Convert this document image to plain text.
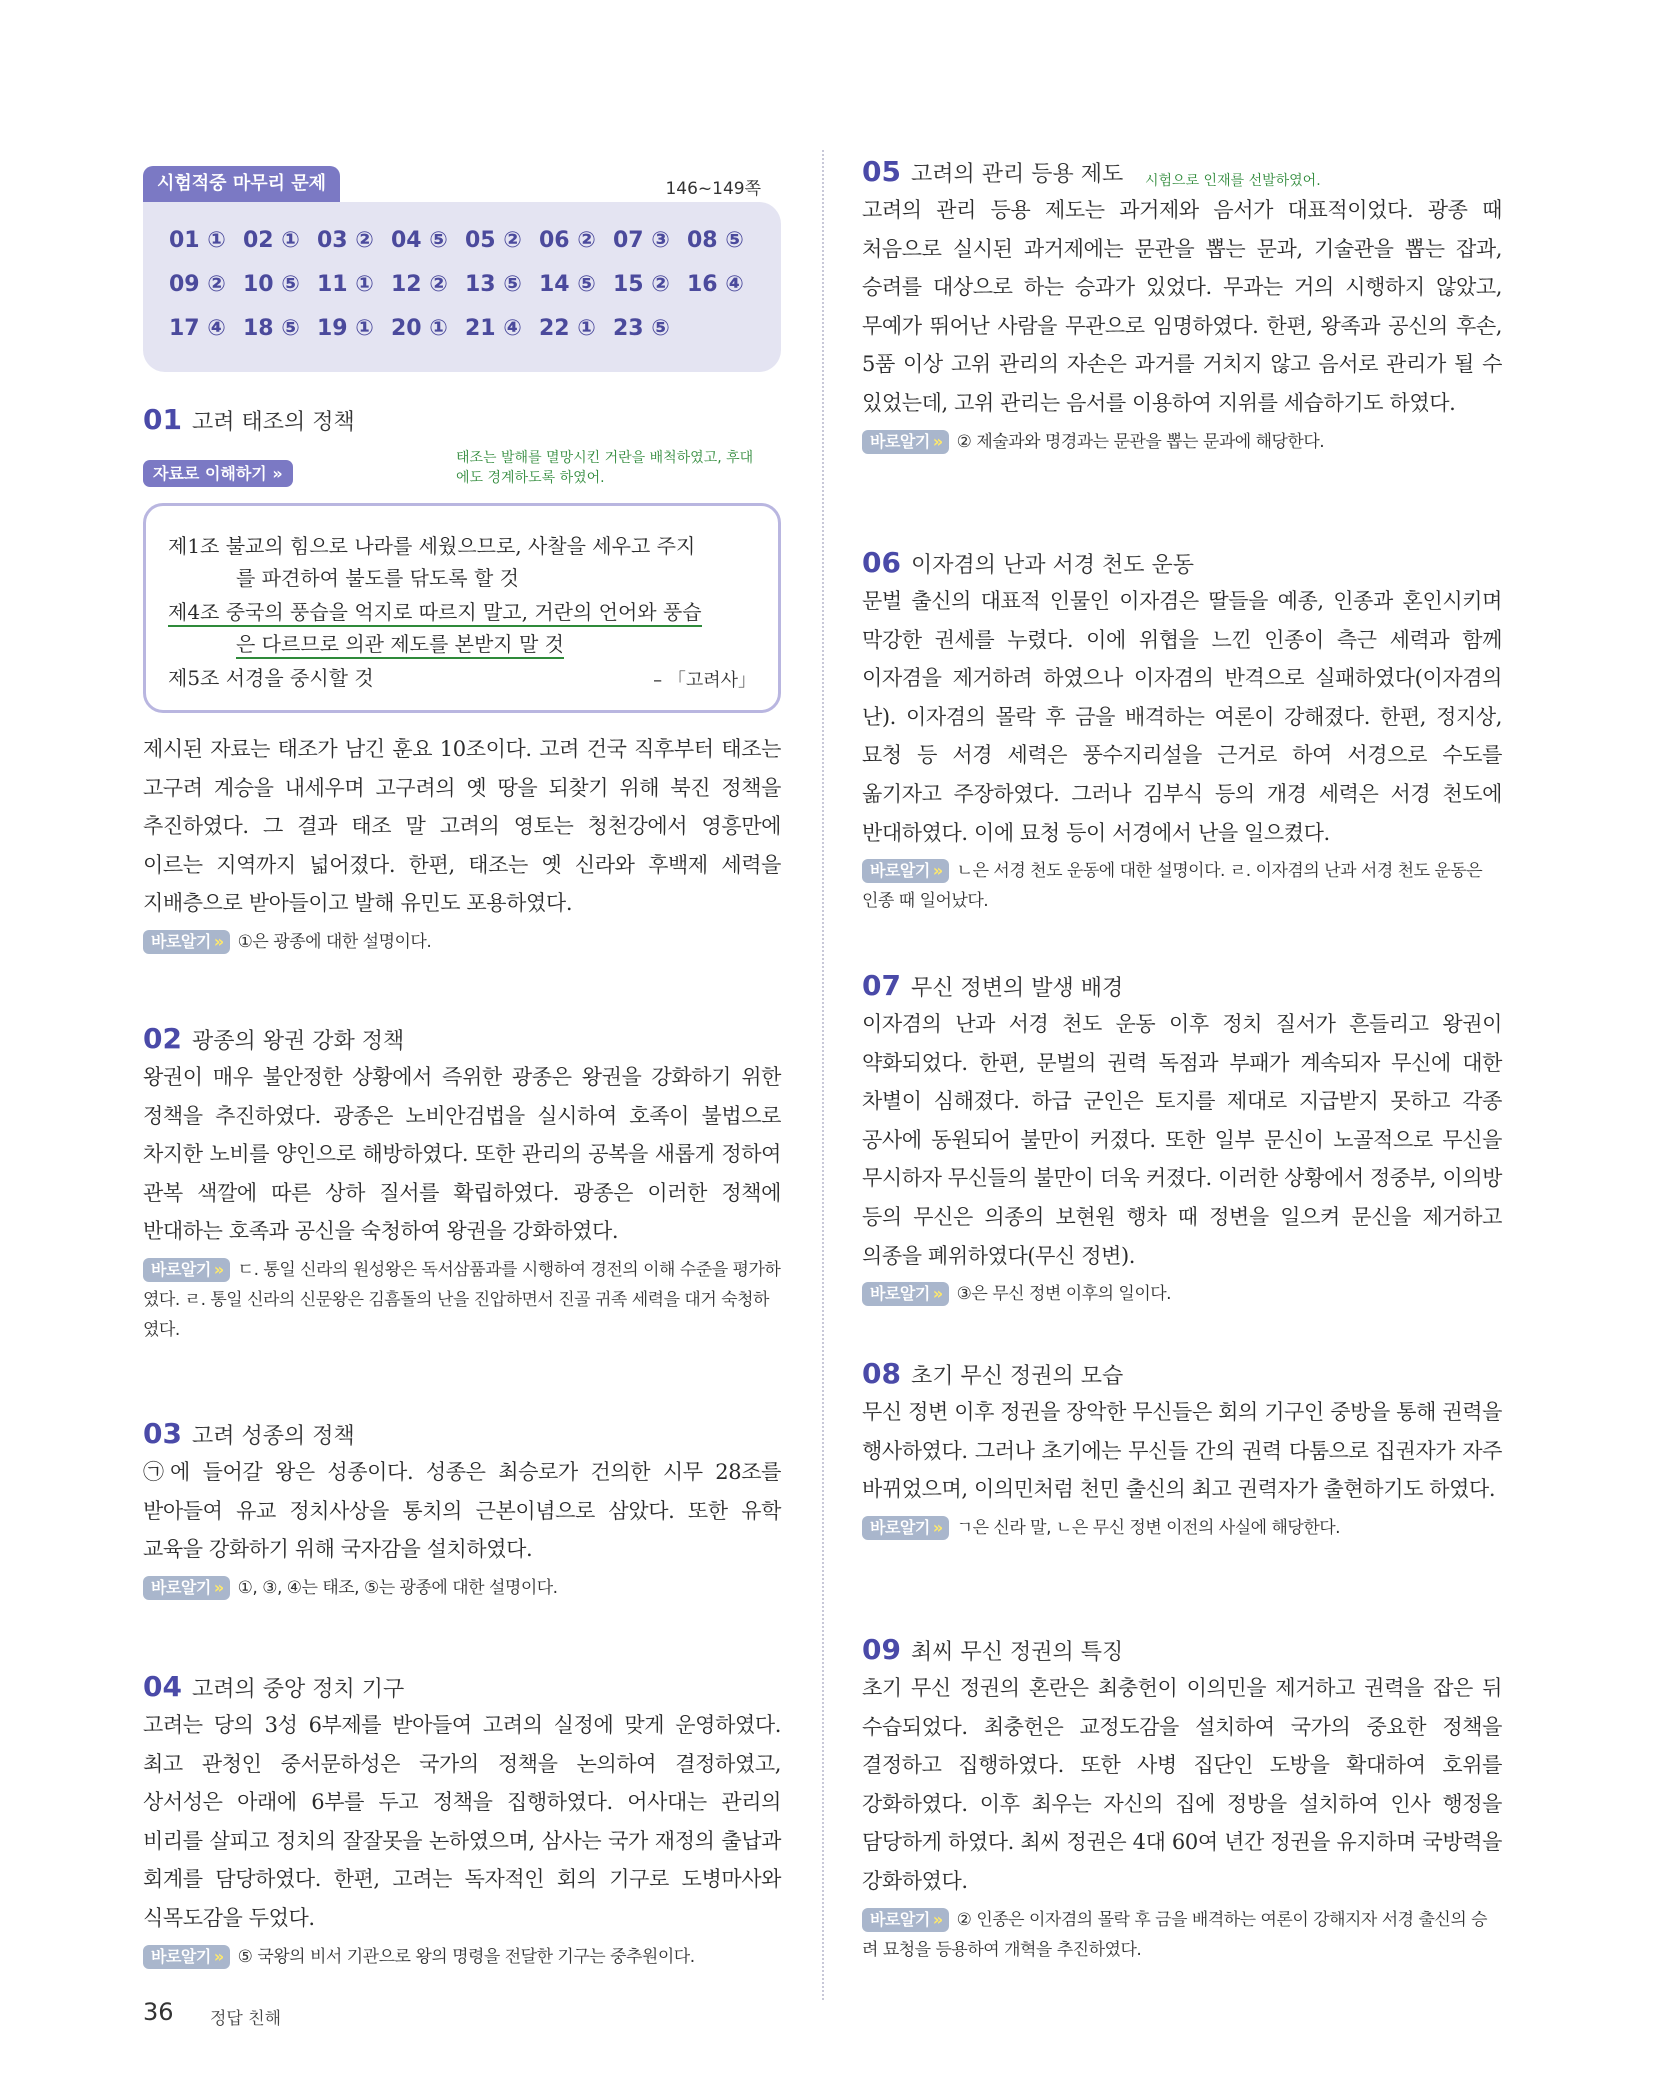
시험적중 마무리 문제	146~149쪽
01 ① 02 ① 03 ② 04 ⑤ 05 ② 06 ② 07 ③ 08 ⑤
09 ② 10 ⑤ 11 ① 12 ② 13 ⑤ 14 ⑤ 15 ② 16 ④
17 ④ 18 ⑤ 19 ① 20 ① 21 ④ 22 ① 23 ⑤
01 고려 태조의 정책
자료로 이해하기 »
태조는 발해를 멸망시킨 거란을 배척하였고, 후대에도 경계하도록 하였어.
제1조 불교의 힘으로 나라를 세웠으므로, 사찰을 세우고 주지
를 파견하여 불도를 닦도록 할 것
제4조 중국의 풍습을 억지로 따르지 말고, 거란의 언어와 풍습
은 다르므로 의관 제도를 본받지 말 것
제5조 서경을 중시할 것	– 「고려사」
제시된 자료는 태조가 남긴 훈요 10조이다. 고려 건국 직후부터 태조는 고구려 계승을 내세우며 고구려의 옛 땅을 되찾기 위해 북진 정책을 추진하였다. 그 결과 태조 말 고려의 영토는 청천강에서 영흥만에 이르는 지역까지 넓어졌다. 한편, 태조는 옛 신라와 후백제 세력을 지배층으로 받아들이고 발해 유민도 포용하였다.
바로알기 » ①은 광종에 대한 설명이다.
02 광종의 왕권 강화 정책
왕권이 매우 불안정한 상황에서 즉위한 광종은 왕권을 강화하기 위한 정책을 추진하였다. 광종은 노비안검법을 실시하여 호족이 불법으로 차지한 노비를 양인으로 해방하였다. 또한 관리의 공복을 새롭게 정하여 관복 색깔에 따른 상하 질서를 확립하였다. 광종은 이러한 정책에 반대하는 호족과 공신을 숙청하여 왕권을 강화하였다.
바로알기 » ㄷ. 통일 신라의 원성왕은 독서삼품과를 시행하여 경전의 이해 수준을 평가하였다. ㄹ. 통일 신라의 신문왕은 김흠돌의 난을 진압하면서 진골 귀족 세력을 대거 숙청하였다.
03 고려 성종의 정책
㉠에 들어갈 왕은 성종이다. 성종은 최승로가 건의한 시무 28조를 받아들여 유교 정치사상을 통치의 근본이념으로 삼았다. 또한 유학 교육을 강화하기 위해 국자감을 설치하였다.
바로알기 » ①, ③, ④는 태조, ⑤는 광종에 대한 설명이다.
04 고려의 중앙 정치 기구
고려는 당의 3성 6부제를 받아들여 고려의 실정에 맞게 운영하였다. 최고 관청인 중서문하성은 국가의 정책을 논의하여 결정하였고, 상서성은 아래에 6부를 두고 정책을 집행하였다. 어사대는 관리의 비리를 살피고 정치의 잘잘못을 논하였으며, 삼사는 국가 재정의 출납과 회계를 담당하였다. 한편, 고려는 독자적인 회의 기구로 도병마사와 식목도감을 두었다.
바로알기 » ⑤ 국왕의 비서 기관으로 왕의 명령을 전달한 기구는 중추원이다.
시험으로 인재를 선발하였어.
05 고려의 관리 등용 제도
고려의 관리 등용 제도는 과거제와 음서가 대표적이었다. 광종 때 처음으로 실시된 과거제에는 문관을 뽑는 문과, 기술관을 뽑는 잡과, 승려를 대상으로 하는 승과가 있었다. 무과는 거의 시행하지 않았고, 무예가 뛰어난 사람을 무관으로 임명하였다. 한편, 왕족과 공신의 후손, 5품 이상 고위 관리의 자손은 과거를 거치지 않고 음서로 관리가 될 수 있었는데, 고위 관리는 음서를 이용하여 지위를 세습하기도 하였다.
바로알기 » ② 제술과와 명경과는 문관을 뽑는 문과에 해당한다.
06 이자겸의 난과 서경 천도 운동
문벌 출신의 대표적 인물인 이자겸은 딸들을 예종, 인종과 혼인시키며 막강한 권세를 누렸다. 이에 위협을 느낀 인종이 측근 세력과 함께 이자겸을 제거하려 하였으나 이자겸의 반격으로 실패하였다(이자겸의 난). 이자겸의 몰락 후 금을 배격하는 여론이 강해졌다. 한편, 정지상, 묘청 등 서경 세력은 풍수지리설을 근거로 하여 서경으로 수도를 옮기자고 주장하였다. 그러나 김부식 등의 개경 세력은 서경 천도에 반대하였다. 이에 묘청 등이 서경에서 난을 일으켰다.
바로알기 » ㄴ은 서경 천도 운동에 대한 설명이다. ㄹ. 이자겸의 난과 서경 천도 운동은 인종 때 일어났다.
07 무신 정변의 발생 배경
이자겸의 난과 서경 천도 운동 이후 정치 질서가 흔들리고 왕권이 약화되었다. 한편, 문벌의 권력 독점과 부패가 계속되자 무신에 대한 차별이 심해졌다. 하급 군인은 토지를 제대로 지급받지 못하고 각종 공사에 동원되어 불만이 커졌다. 또한 일부 문신이 노골적으로 무신을 무시하자 무신들의 불만이 더욱 커졌다. 이러한 상황에서 정중부, 이의방 등의 무신은 의종의 보현원 행차 때 정변을 일으켜 문신을 제거하고 의종을 폐위하였다(무신 정변).
바로알기 » ③은 무신 정변 이후의 일이다.
08 초기 무신 정권의 모습
무신 정변 이후 정권을 장악한 무신들은 회의 기구인 중방을 통해 권력을 행사하였다. 그러나 초기에는 무신들 간의 권력 다툼으로 집권자가 자주 바뀌었으며, 이의민처럼 천민 출신의 최고 권력자가 출현하기도 하였다.
바로알기 » ㄱ은 신라 말, ㄴ은 무신 정변 이전의 사실에 해당한다.
09 최씨 무신 정권의 특징
초기 무신 정권의 혼란은 최충헌이 이의민을 제거하고 권력을 잡은 뒤 수습되었다. 최충헌은 교정도감을 설치하여 국가의 중요한 정책을 결정하고 집행하였다. 또한 사병 집단인 도방을 확대하여 호위를 강화하였다. 이후 최우는 자신의 집에 정방을 설치하여 인사 행정을 담당하게 하였다. 최씨 정권은 4대 60여 년간 정권을 유지하며 국방력을 강화하였다.
바로알기 » ② 인종은 이자겸의 몰락 후 금을 배격하는 여론이 강해지자 서경 출신의 승려 묘청을 등용하여 개혁을 추진하였다.
36 정답 친해
